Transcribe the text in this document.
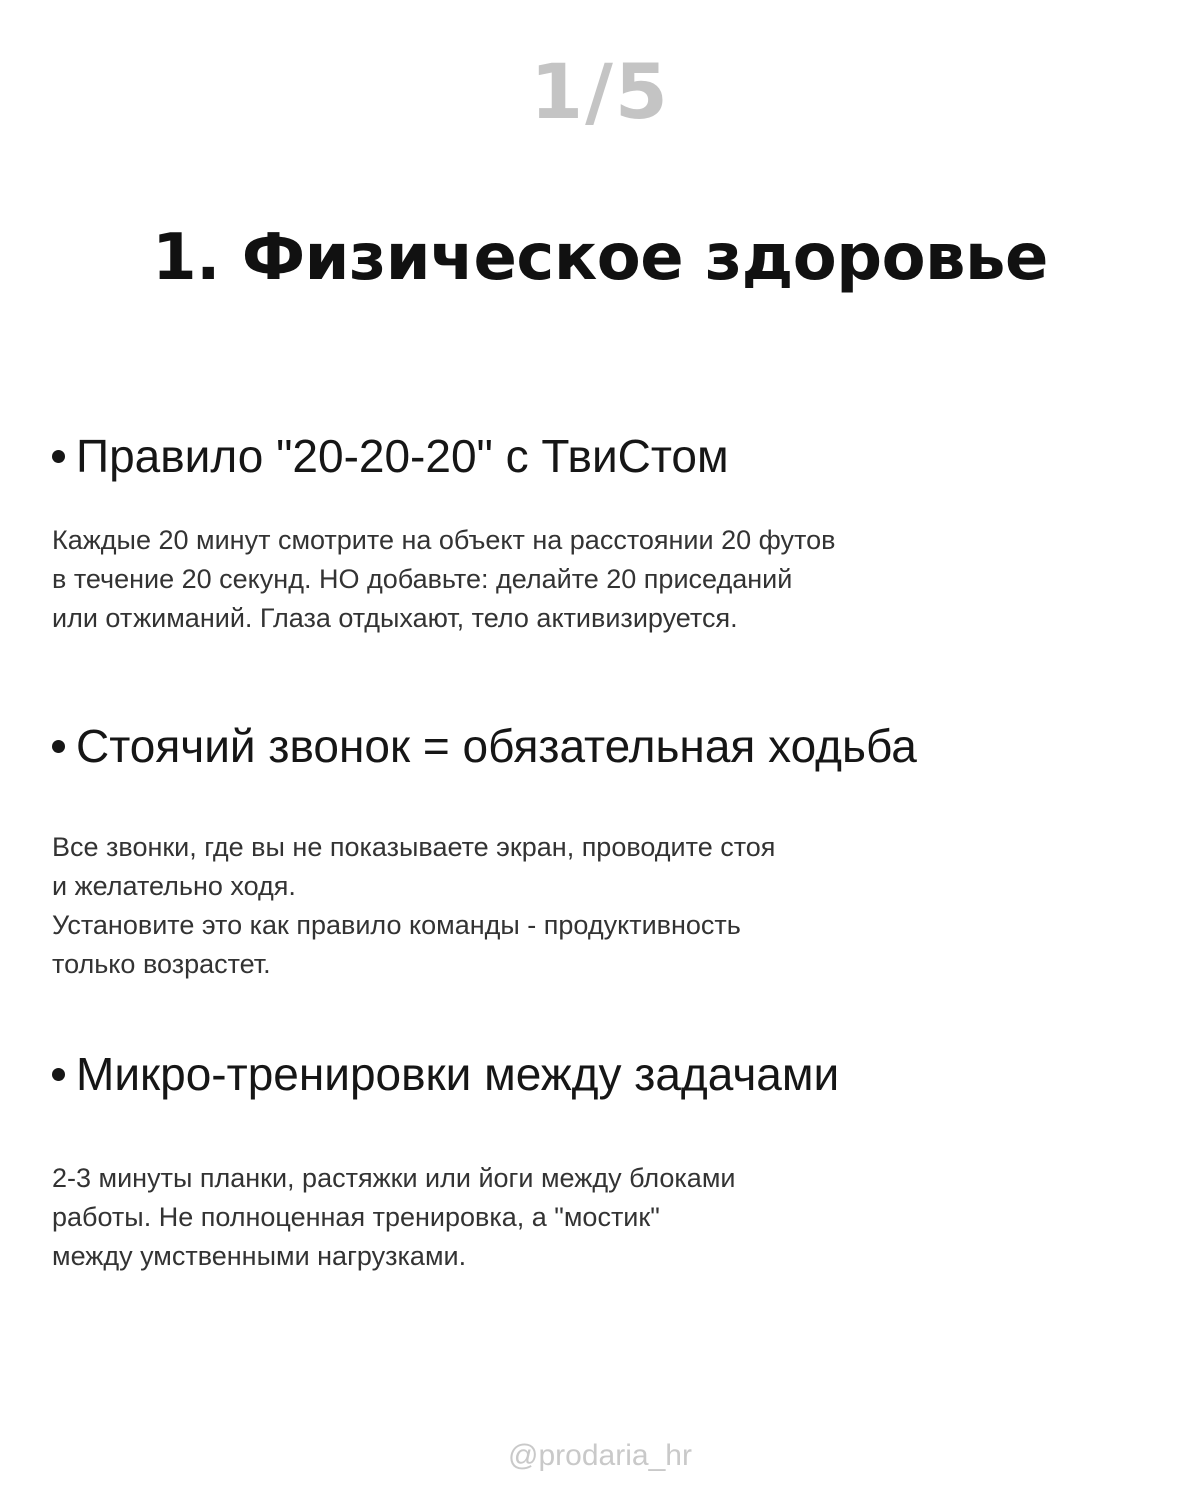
1/5
1. Физическое здоровье
Правило "20-20-20" с ТвиСтом

Каждые 20 минут смотрите на объект на расстоянии 20 футов
в течение 20 секунд. НО добавьте: делайте 20 приседаний
или отжиманий. Глаза отдыхают, тело активизируется.

Стоячий звонок = обязательная ходьба

Все звонки, где вы не показываете экран, проводите стоя
и желательно ходя.
Установите это как правило команды - продуктивность
только возрастет.

Микро-тренировки между задачами

2-3 минуты планки, растяжки или йоги между блоками
работы. Не полноценная тренировка, а "мостик"
между умственными нагрузками.

@prodaria_hr
